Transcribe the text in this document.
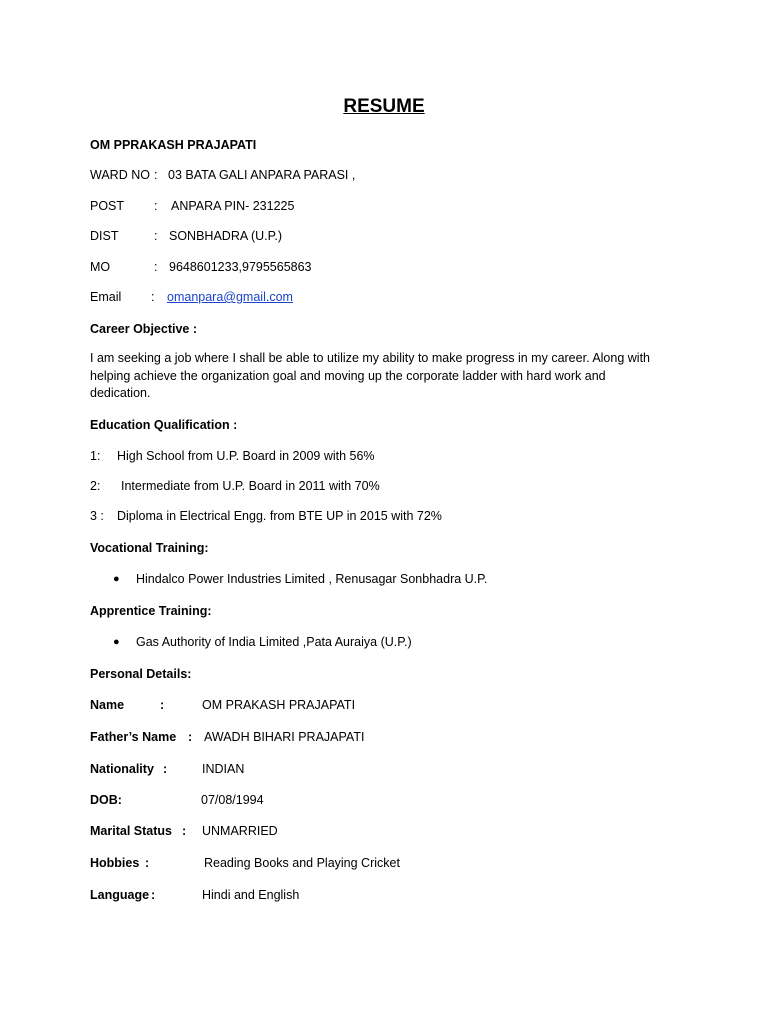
RESUME
OM PPRAKASH PRAJAPATI
WARD NO : 03 BATA GALI ANPARA PARASI ,
POST : ANPARA PIN- 231225
DIST	: SONBHADRA (U.P.)
MO	: 9648601233,9795565863
Email : omanpara@gmail.com
Career Objective :
I am seeking a job where I shall be able to utilize my ability to make progress in my career. Along with
helping achieve the organization goal and moving up the corporate ladder with hard work and
dedication.
Education Qualification :
1: High School from U.P. Board in 2009 with 56%
2: Intermediate from U.P. Board in 2011 with 70%
3 : Diploma in Electrical Engg. from BTE UP in 2015 with 72%
Vocational Training:
● Hindalco Power Industries Limited , Renusagar Sonbhadra U.P.
Apprentice Training:
● Gas Authority of India Limited ,Pata Auraiya (U.P.)
Personal Details:
Name	:	OM PRAKASH PRAJAPATI
Father’s Name : AWADH BIHARI PRAJAPATI
Nationality :	INDIAN
DOB:	07/08/1994
Marital Status : UNMARRIED
Hobbies :	Reading Books and Playing Cricket
Language :	Hindi and English
